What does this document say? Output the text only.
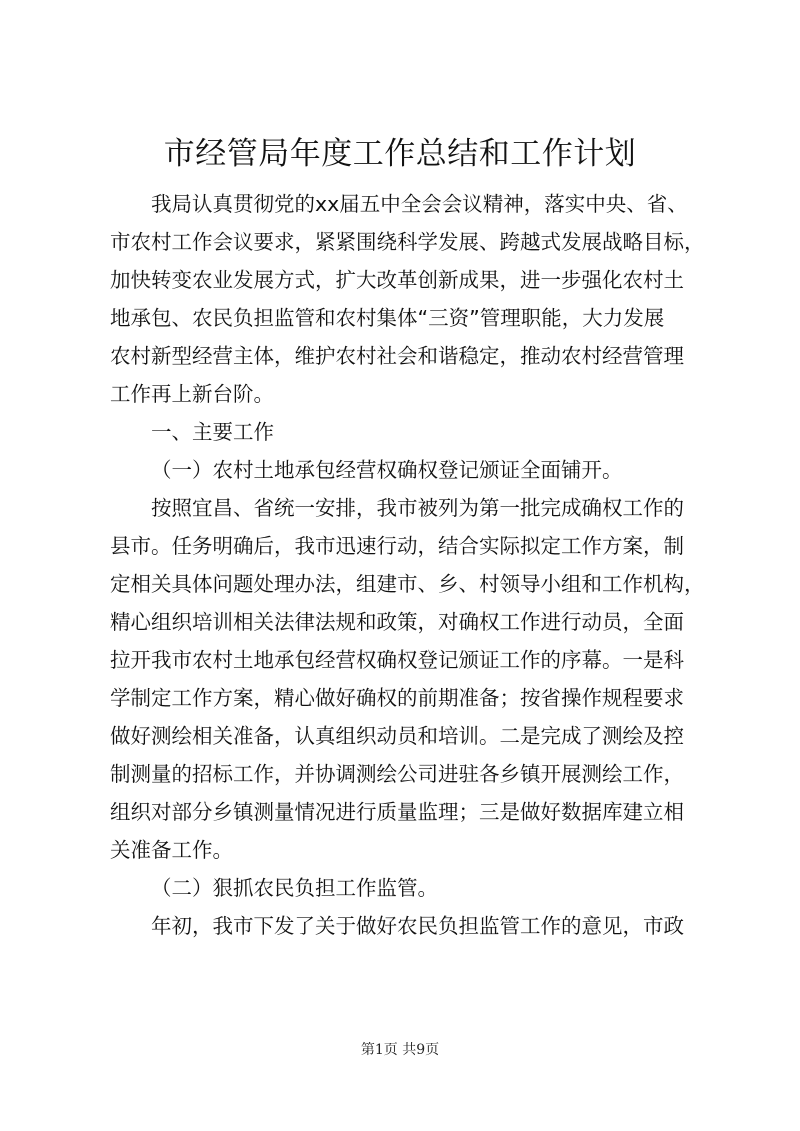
市经管局年度工作总结和工作计划
我局认真贯彻党的xx届五中全会会议精神，落实中央、省、
市农村工作会议要求，紧紧围绕科学发展、跨越式发展战略目标，
加快转变农业发展方式，扩大改革创新成果，进一步强化农村土
地承包、农民负担监管和农村集体“三资”管理职能，大力发展
农村新型经营主体，维护农村社会和谐稳定，推动农村经营管理
工作再上新台阶。
一、主要工作
（一）农村土地承包经营权确权登记颁证全面铺开。
按照宜昌、省统一安排，我市被列为第一批完成确权工作的
县市。任务明确后，我市迅速行动，结合实际拟定工作方案，制
定相关具体问题处理办法，组建市、乡、村领导小组和工作机构，
精心组织培训相关法律法规和政策，对确权工作进行动员，全面
拉开我市农村土地承包经营权确权登记颁证工作的序幕。一是科
学制定工作方案，精心做好确权的前期准备；按省操作规程要求
做好测绘相关准备，认真组织动员和培训。二是完成了测绘及控
制测量的招标工作，并协调测绘公司进驻各乡镇开展测绘工作，
组织对部分乡镇测量情况进行质量监理；三是做好数据库建立相
关准备工作。
（二）狠抓农民负担工作监管。
年初，我市下发了关于做好农民负担监管工作的意见，市政
第1页 共9页
